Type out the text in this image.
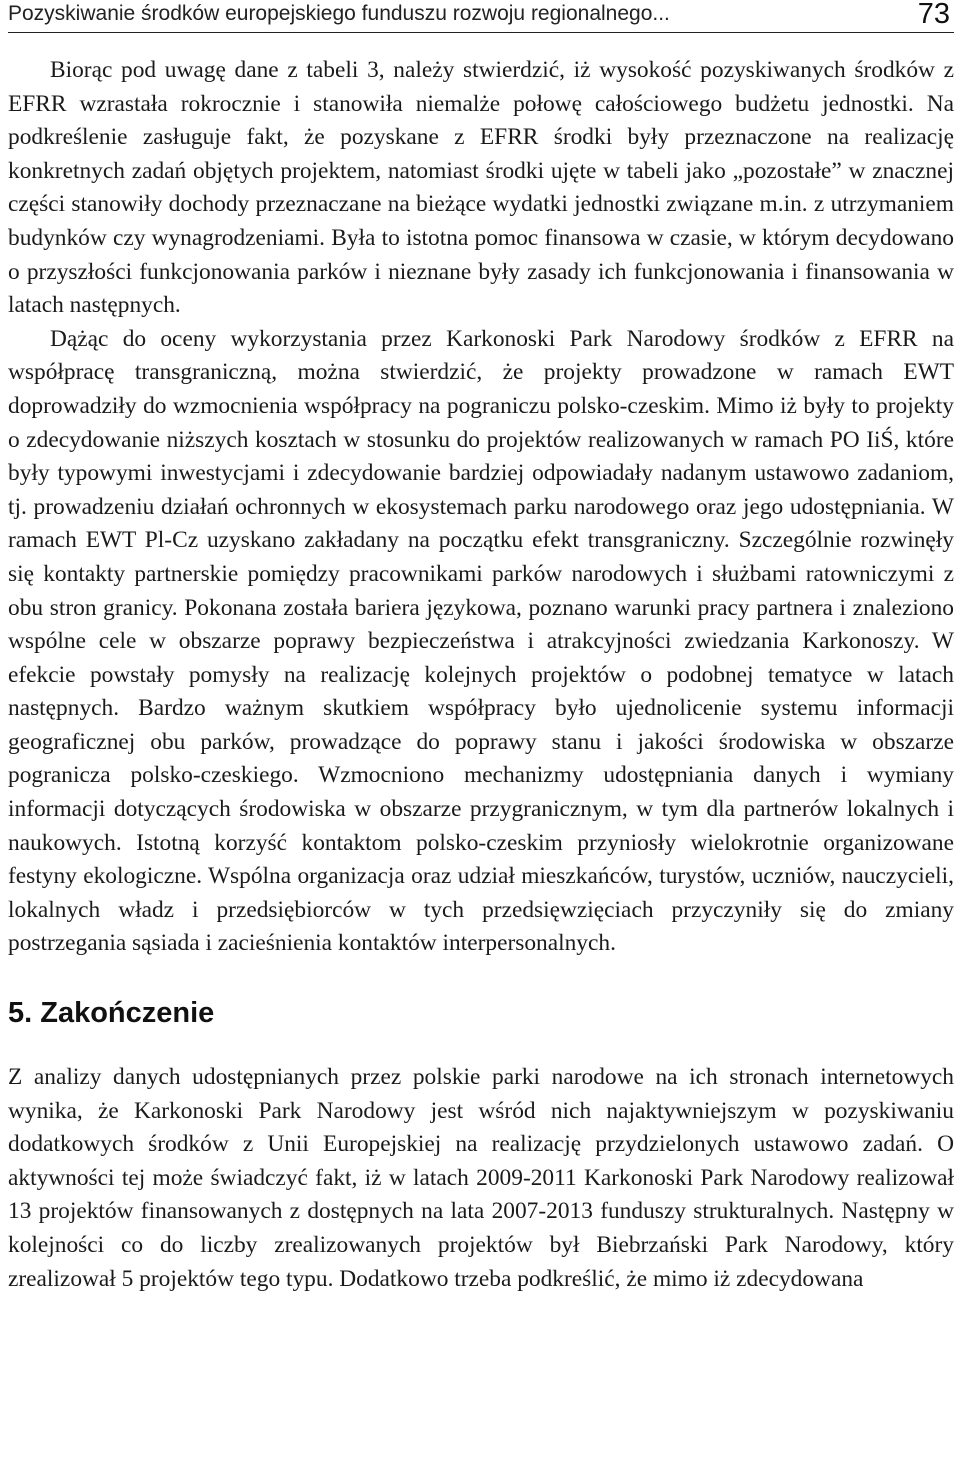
Pozyskiwanie środków europejskiego funduszu rozwoju regionalnego...	73

Biorąc pod uwagę dane z tabeli 3, należy stwierdzić, iż wysokość pozyskiwanych środków z EFRR wzrastała rokrocznie i stanowiła niemalże połowę całościowego budżetu jednostki. Na podkreślenie zasługuje fakt, że pozyskane z EFRR środki były przeznaczone na realizację konkretnych zadań objętych projektem, natomiast środki ujęte w tabeli jako „pozostałe” w znacznej części stanowiły dochody przeznaczane na bieżące wydatki jednostki związane m.in. z utrzymaniem budynków czy wynagrodzeniami. Była to istotna pomoc finansowa w czasie, w którym decydowano o przyszłości funkcjonowania parków i nieznane były zasady ich funkcjonowania i finansowania w latach następnych.

Dążąc do oceny wykorzystania przez Karkonoski Park Narodowy środków z EFRR na współpracę transgraniczną, można stwierdzić, że projekty prowadzone w ramach EWT doprowadziły do wzmocnienia współpracy na pograniczu polsko-czeskim. Mimo iż były to projekty o zdecydowanie niższych kosztach w stosunku do projektów realizowanych w ramach PO IiŚ, które były typowymi inwestycjami i zdecydowanie bardziej odpowiadały nadanym ustawowo zadaniom, tj. prowadzeniu działań ochronnych w ekosystemach parku narodowego oraz jego udostępniania. W ramach EWT Pl-Cz uzyskano zakładany na początku efekt transgraniczny. Szczególnie rozwinęły się kontakty partnerskie pomiędzy pracownikami parków narodowych i służbami ratowniczymi z obu stron granicy. Pokonana została bariera językowa, poznano warunki pracy partnera i znaleziono wspólne cele w obszarze poprawy bezpieczeństwa i atrakcyjności zwiedzania Karkonoszy. W efekcie powstały pomysły na realizację kolejnych projektów o podobnej tematyce w latach następnych. Bardzo ważnym skutkiem współpracy było ujednolicenie systemu informacji geograficznej obu parków, prowadzące do poprawy stanu i jakości środowiska w obszarze pogranicza polsko-czeskiego. Wzmocniono mechanizmy udostępniania danych i wymiany informacji dotyczących środowiska w obszarze przygranicznym, w tym dla partnerów lokalnych i naukowych. Istotną korzyść kontaktom polsko-czeskim przyniosły wielokrotnie organizowane festyny ekologiczne. Wspólna organizacja oraz udział mieszkańców, turystów, uczniów, nauczycieli, lokalnych władz i przedsiębiorców w tych przedsięwzięciach przyczyniły się do zmiany postrzegania sąsiada i zacieśnienia kontaktów interpersonalnych.

5. Zakończenie

Z analizy danych udostępnianych przez polskie parki narodowe na ich stronach internetowych wynika, że Karkonoski Park Narodowy jest wśród nich najaktywniejszym w pozyskiwaniu dodatkowych środków z Unii Europejskiej na realizację przydzielonych ustawowo zadań. O aktywności tej może świadczyć fakt, iż w latach 2009-2011 Karkonoski Park Narodowy realizował 13 projektów finansowanych z dostępnych na lata 2007-2013 funduszy strukturalnych. Następny w kolejności co do liczby zrealizowanych projektów był Biebrzański Park Narodowy, który zrealizował 5 projektów tego typu. Dodatkowo trzeba podkreślić, że mimo iż zdecydowana
